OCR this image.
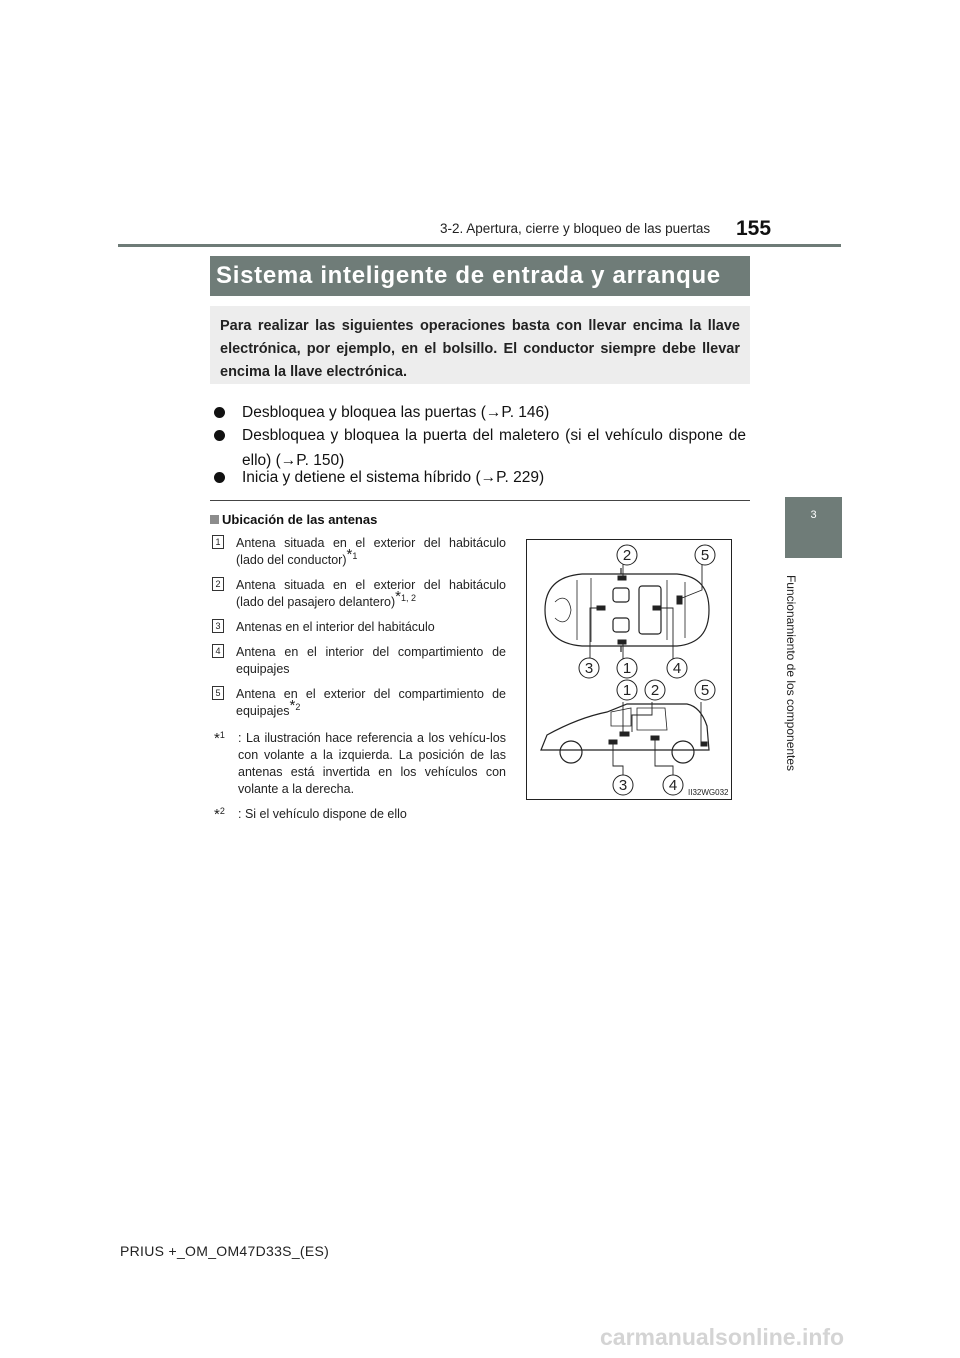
3-2. Apertura, cierre y bloqueo de las puertas 155
Sistema inteligente de entrada y arranque
Para realizar las siguientes operaciones basta con llevar encima la llave electrónica, por ejemplo, en el bolsillo. El conductor siempre debe llevar encima la llave electrónica.
Desbloquea y bloquea las puertas (→P. 146)
Desbloquea y bloquea la puerta del maletero (si el vehículo dispone de ello) (→P. 150)
Inicia y detiene el sistema híbrido (→P. 229)
Ubicación de las antenas
1	Antena situada en el exterior del habitáculo (lado del conductor)$^{*1}$
2	Antena situada en el exterior del habitáculo (lado del pasajero delantero)$^{*1, 2}$
3	Antenas en el interior del habitáculo
4	Antena en el interior del compartimiento de equipajes
5	Antena en el exterior del compartimiento de equipajes$^{*2}$
*$^1$	: La ilustración hace referencia a los vehícu-los con volante a la izquierda. La posición de las antenas está invertida en los vehículos con volante a la derecha.
*$^2$	: Si el vehículo dispone de ello
2	5
3 1	4
1 2	5
3	4 II32WG032
3
Funcionamiento de los componentes
PRIUS +_OM_OM47D33S_(ES)
carmanualsonline.info
